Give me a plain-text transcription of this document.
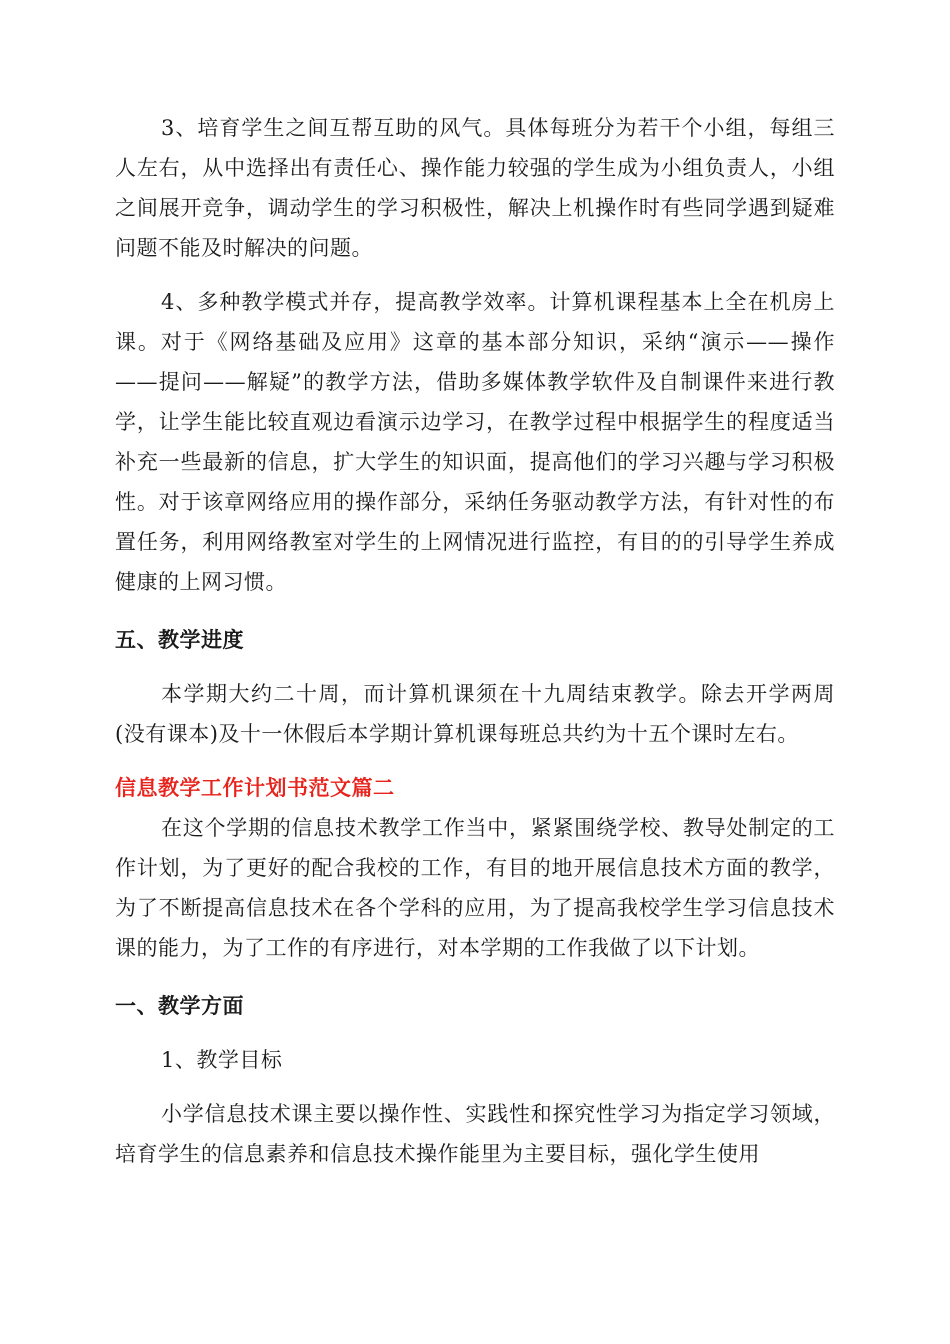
3、培育学生之间互帮互助的风气。具体每班分为若干个小组，每组三人左右，从中选择出有责任心、操作能力较强的学生成为小组负责人，小组之间展开竞争，调动学生的学习积极性，解决上机操作时有些同学遇到疑难问题不能及时解决的问题。

4、多种教学模式并存，提高教学效率。计算机课程基本上全在机房上课。对于《网络基础及应用》这章的基本部分知识，采纳“演示——操作——提问——解疑”的教学方法，借助多媒体教学软件及自制课件来进行教学，让学生能比较直观边看演示边学习，在教学过程中根据学生的程度适当补充一些最新的信息，扩大学生的知识面，提高他们的学习兴趣与学习积极性。对于该章网络应用的操作部分，采纳任务驱动教学方法，有针对性的布置任务，利用网络教室对学生的上网情况进行监控，有目的的引导学生养成健康的上网习惯。

五、教学进度

本学期大约二十周，而计算机课须在十九周结束教学。除去开学两周(没有课本)及十一休假后本学期计算机课每班总共约为十五个课时左右。

信息教学工作计划书范文篇二

在这个学期的信息技术教学工作当中，紧紧围绕学校、教导处制定的工作计划，为了更好的配合我校的工作，有目的地开展信息技术方面的教学，为了不断提高信息技术在各个学科的应用，为了提高我校学生学习信息技术课的能力，为了工作的有序进行，对本学期的工作我做了以下计划。

一、教学方面

1、教学目标

小学信息技术课主要以操作性、实践性和探究性学习为指定学习领域，培育学生的信息素养和信息技术操作能里为主要目标，强化学生使用
